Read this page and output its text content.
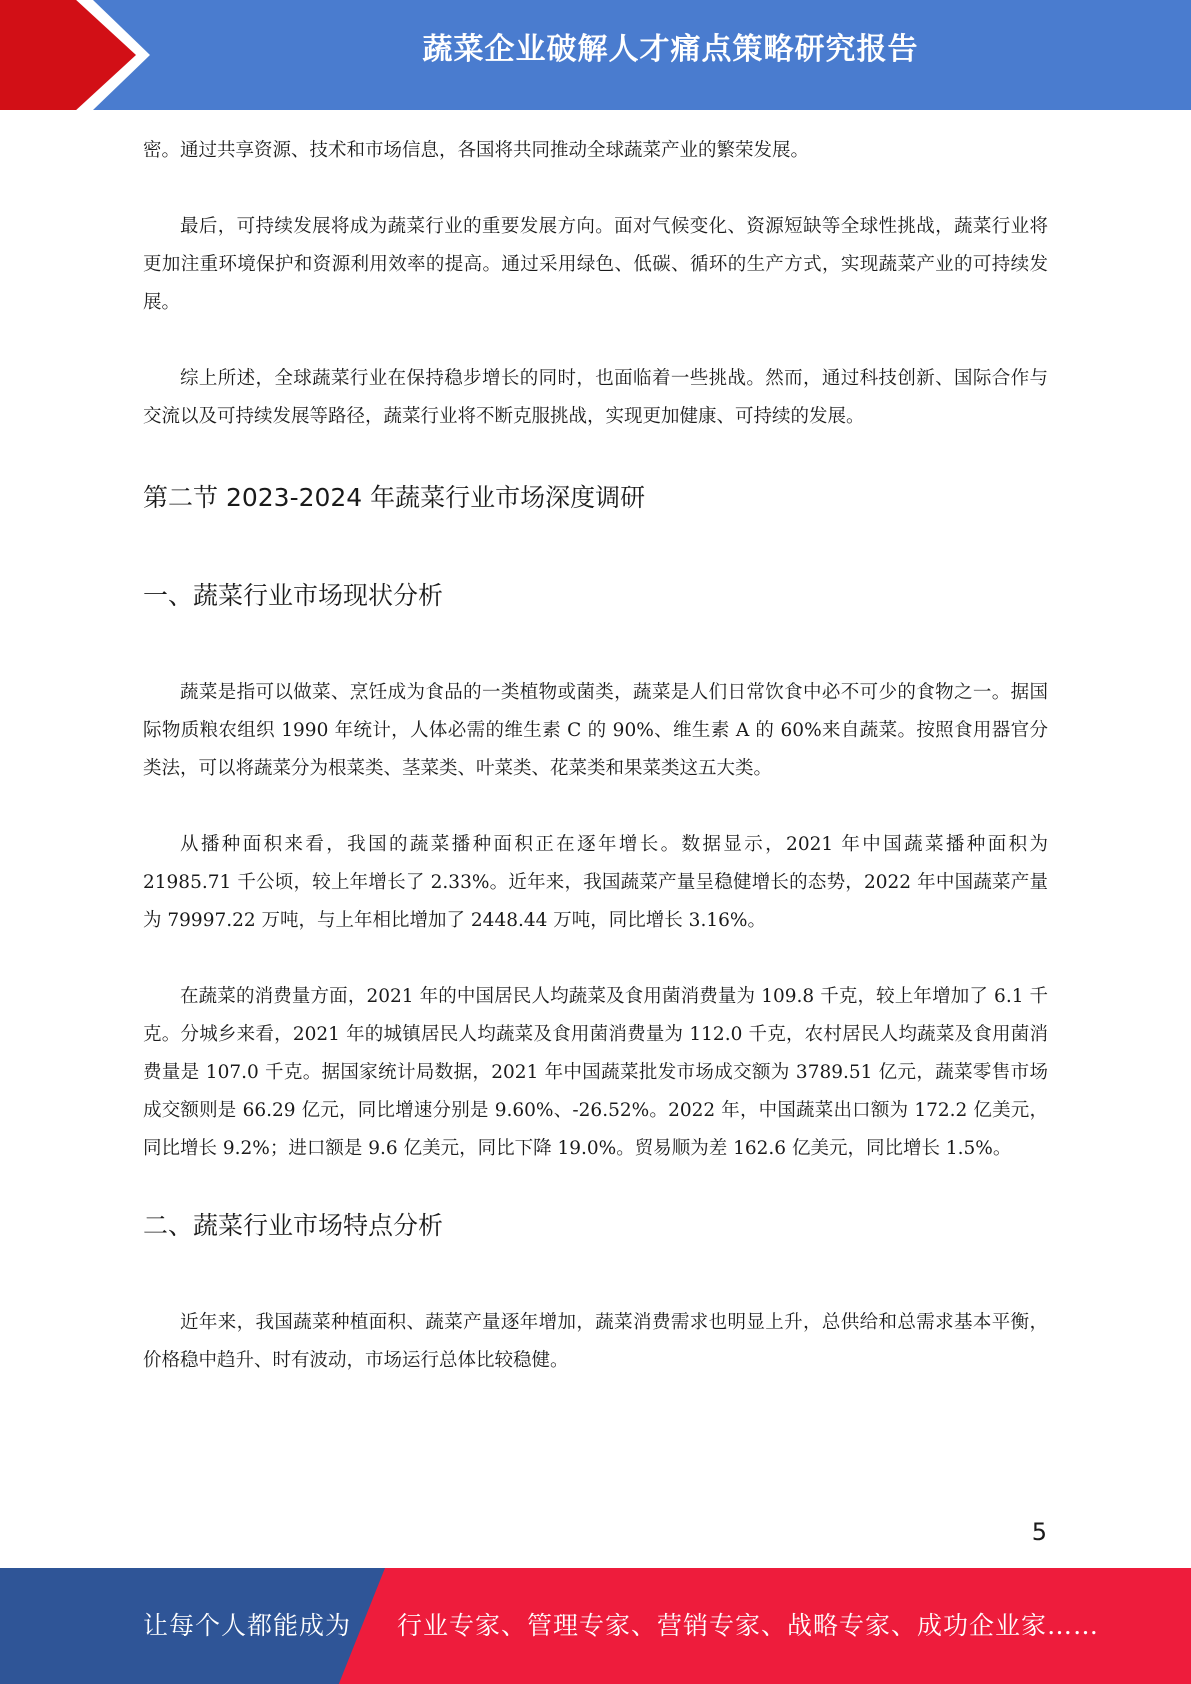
蔬菜企业破解人才痛点策略研究报告

密。通过共享资源、技术和市场信息，各国将共同推动全球蔬菜产业的繁荣发展。

最后，可持续发展将成为蔬菜行业的重要发展方向。面对气候变化、资源短缺等全球性挑战，蔬菜行业将更加注重环境保护和资源利用效率的提高。通过采用绿色、低碳、循环的生产方式，实现蔬菜产业的可持续发展。

综上所述，全球蔬菜行业在保持稳步增长的同时，也面临着一些挑战。然而，通过科技创新、国际合作与交流以及可持续发展等路径，蔬菜行业将不断克服挑战，实现更加健康、可持续的发展。

第二节 2023-2024 年蔬菜行业市场深度调研
一、蔬菜行业市场现状分析

蔬菜是指可以做菜、烹饪成为食品的一类植物或菌类，蔬菜是人们日常饮食中必不可少的食物之一。据国际物质粮农组织 1990 年统计，人体必需的维生素 C 的 90%、维生素 A 的 60%来自蔬菜。按照食用器官分类法，可以将蔬菜分为根菜类、茎菜类、叶菜类、花菜类和果菜类这五大类。

从播种面积来看，我国的蔬菜播种面积正在逐年增长。数据显示，2021 年中国蔬菜播种面积为 21985.71 千公顷，较上年增长了 2.33%。近年来，我国蔬菜产量呈稳健增长的态势，2022 年中国蔬菜产量为 79997.22 万吨，与上年相比增加了 2448.44 万吨，同比增长 3.16%。

在蔬菜的消费量方面，2021 年的中国居民人均蔬菜及食用菌消费量为 109.8 千克，较上年增加了 6.1 千克。分城乡来看，2021 年的城镇居民人均蔬菜及食用菌消费量为 112.0 千克，农村居民人均蔬菜及食用菌消费量是 107.0 千克。据国家统计局数据，2021 年中国蔬菜批发市场成交额为 3789.51 亿元，蔬菜零售市场成交额则是 66.29 亿元，同比增速分别是 9.60%、-26.52%。2022 年，中国蔬菜出口额为 172.2 亿美元，同比增长 9.2%；进口额是 9.6 亿美元，同比下降 19.0%。贸易顺为差 162.6 亿美元，同比增长 1.5%。

二、蔬菜行业市场特点分析

近年来，我国蔬菜种植面积、蔬菜产量逐年增加，蔬菜消费需求也明显上升，总供给和总需求基本平衡，价格稳中趋升、时有波动，市场运行总体比较稳健。

5
让每个人都能成为 行业专家、管理专家、营销专家、战略专家、成功企业家……
